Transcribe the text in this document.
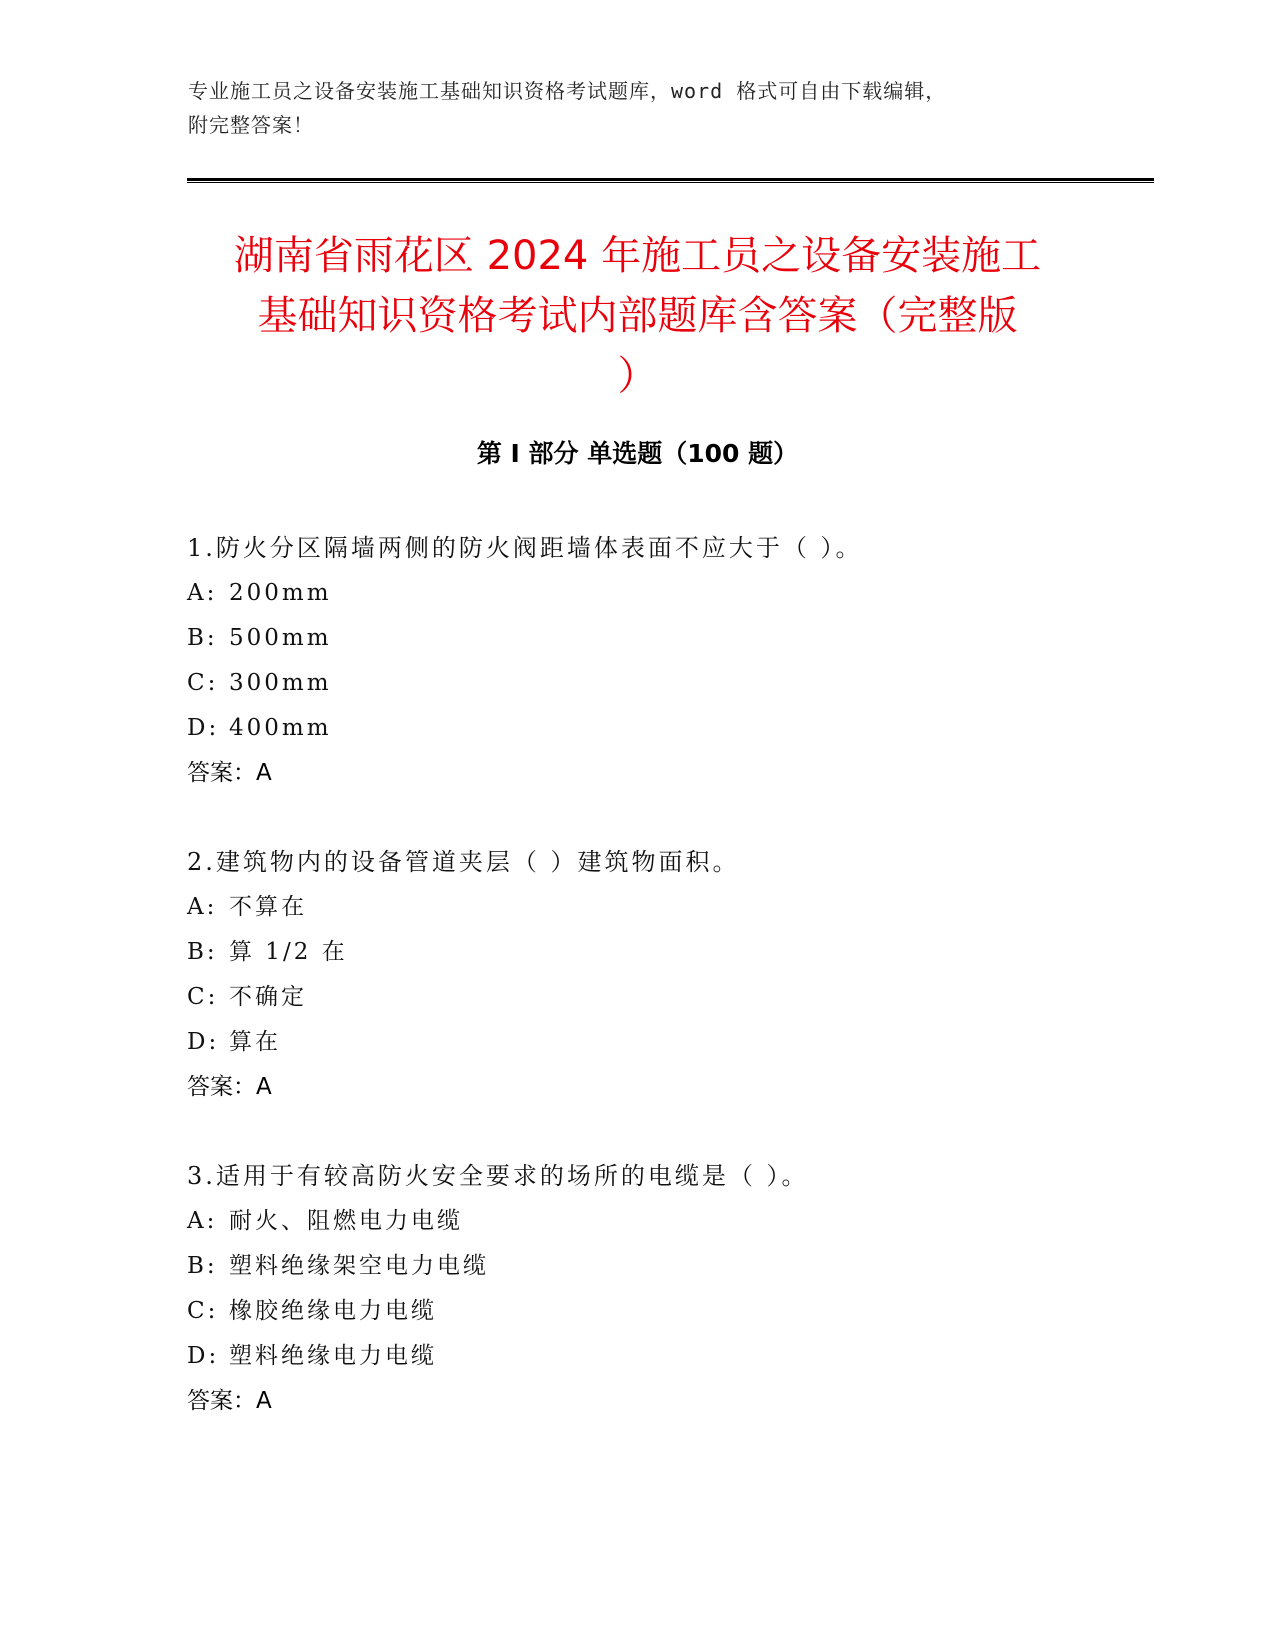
专业施工员之设备安装施工基础知识资格考试题库，word 格式可自由下载编辑，
附完整答案！
湖南省雨花区 2024 年施工员之设备安装施工
基础知识资格考试内部题库含答案（完整版
）
第 I 部分 单选题（100 题）
1.防火分区隔墙两侧的防火阀距墙体表面不应大于（ ）。
A: 200mm
B: 500mm
C: 300mm
D: 400mm
答案：A
2.建筑物内的设备管道夹层（ ）建筑物面积。
A: 不算在
B: 算 1/2 在
C: 不确定
D: 算在
答案：A
3.适用于有较高防火安全要求的场所的电缆是（ ）。
A: 耐火、阻燃电力电缆
B: 塑料绝缘架空电力电缆
C: 橡胶绝缘电力电缆
D: 塑料绝缘电力电缆
答案：A
